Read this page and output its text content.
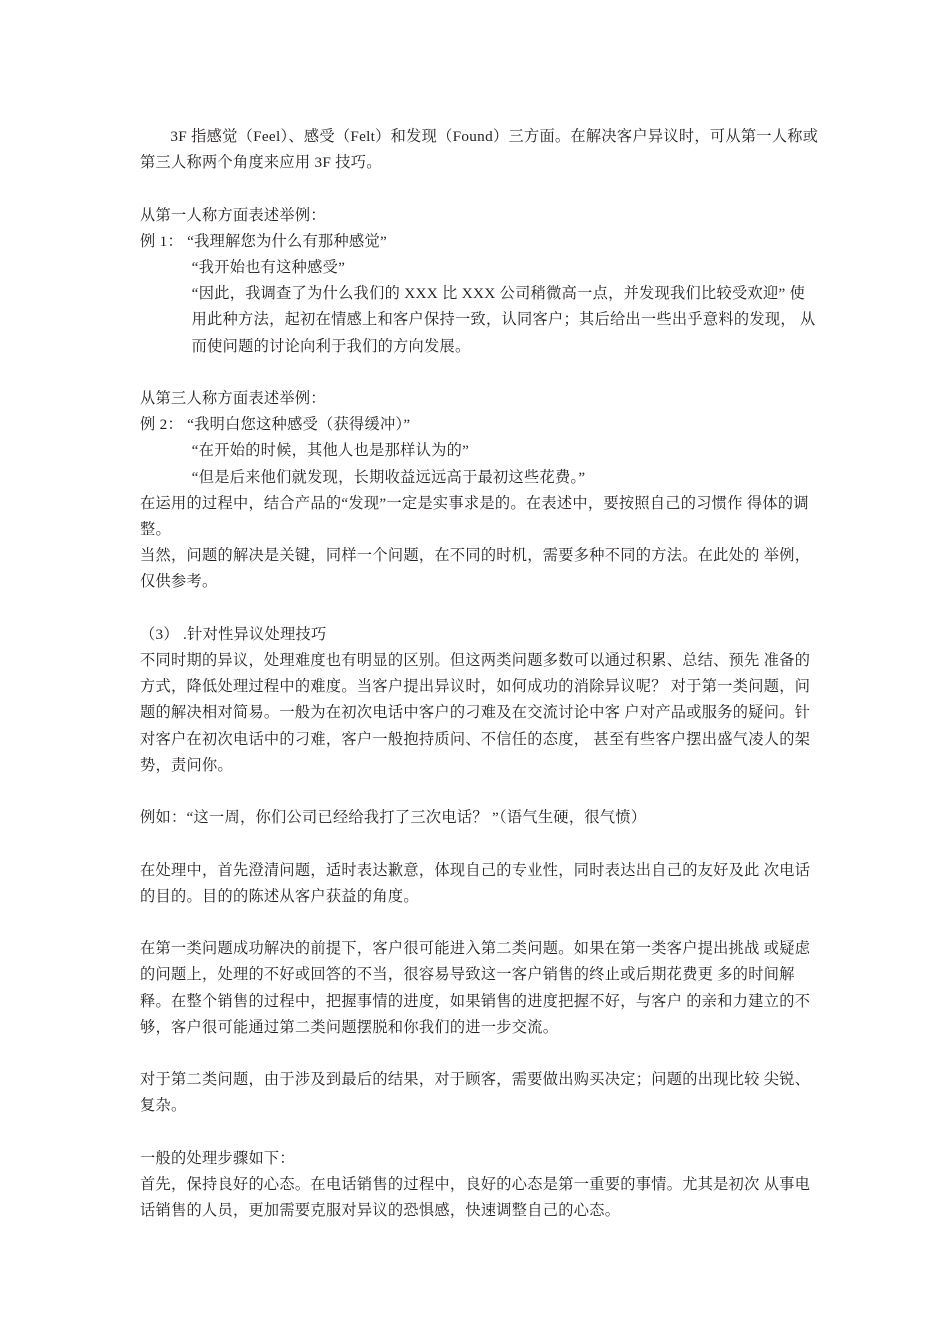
3F 指感觉（Feel）、感受（Felt）和发现（Found）三方面。在解决客户异议时，可从第一人称或第三人称两个角度来应用 3F 技巧。

从第一人称方面表述举例：

例 1： “我理解您为什么有那种感觉”

“我开始也有这种感受”

“因此，我调查了为什么我们的 XXX 比 XXX 公司稍微高一点，并发现我们比较受欢迎” 使用此种方法，起初在情感上和客户保持一致，认同客户；其后给出一些出乎意料的发现， 从而使问题的讨论向利于我们的方向发展。

从第三人称方面表述举例：

例 2： “我明白您这种感受（获得缓冲）”

“在开始的时候，其他人也是那样认为的”

“但是后来他们就发现，长期收益远远高于最初这些花费。”

在运用的过程中，结合产品的“发现”一定是实事求是的。在表述中，要按照自己的习惯作 得体的调整。

当然，问题的解决是关键，同样一个问题，在不同的时机，需要多种不同的方法。在此处的 举例，仅供参考。

（3） .针对性异议处理技巧

不同时期的异议，处理难度也有明显的区别。但这两类问题多数可以通过积累、总结、预先 准备的方式，降低处理过程中的难度。当客户提出异议时，如何成功的消除异议呢？ 对于第一类问题，问题的解决相对简易。一般为在初次电话中客户的刁难及在交流讨论中客 户对产品或服务的疑问。针对客户在初次电话中的刁难，客户一般抱持质问、不信任的态度， 甚至有些客户摆出盛气凌人的架势，责问你。

例如：“这一周，你们公司已经给我打了三次电话？ ”（语气生硬，很气愤）

在处理中，首先澄清问题，适时表达歉意，体现自己的专业性，同时表达出自己的友好及此 次电话的目的。目的的陈述从客户获益的角度。

在第一类问题成功解决的前提下，客户很可能进入第二类问题。如果在第一类客户提出挑战 或疑虑的问题上，处理的不好或回答的不当，很容易导致这一客户销售的终止或后期花费更 多的时间解释。在整个销售的过程中，把握事情的进度，如果销售的进度把握不好，与客户 的亲和力建立的不够，客户很可能通过第二类问题摆脱和你我们的进一步交流。

对于第二类问题，由于涉及到最后的结果，对于顾客，需要做出购买决定；问题的出现比较 尖锐、复杂。

一般的处理步骤如下：

首先，保持良好的心态。在电话销售的过程中，良好的心态是第一重要的事情。尤其是初次 从事电话销售的人员，更加需要克服对异议的恐惧感，快速调整自己的心态。
